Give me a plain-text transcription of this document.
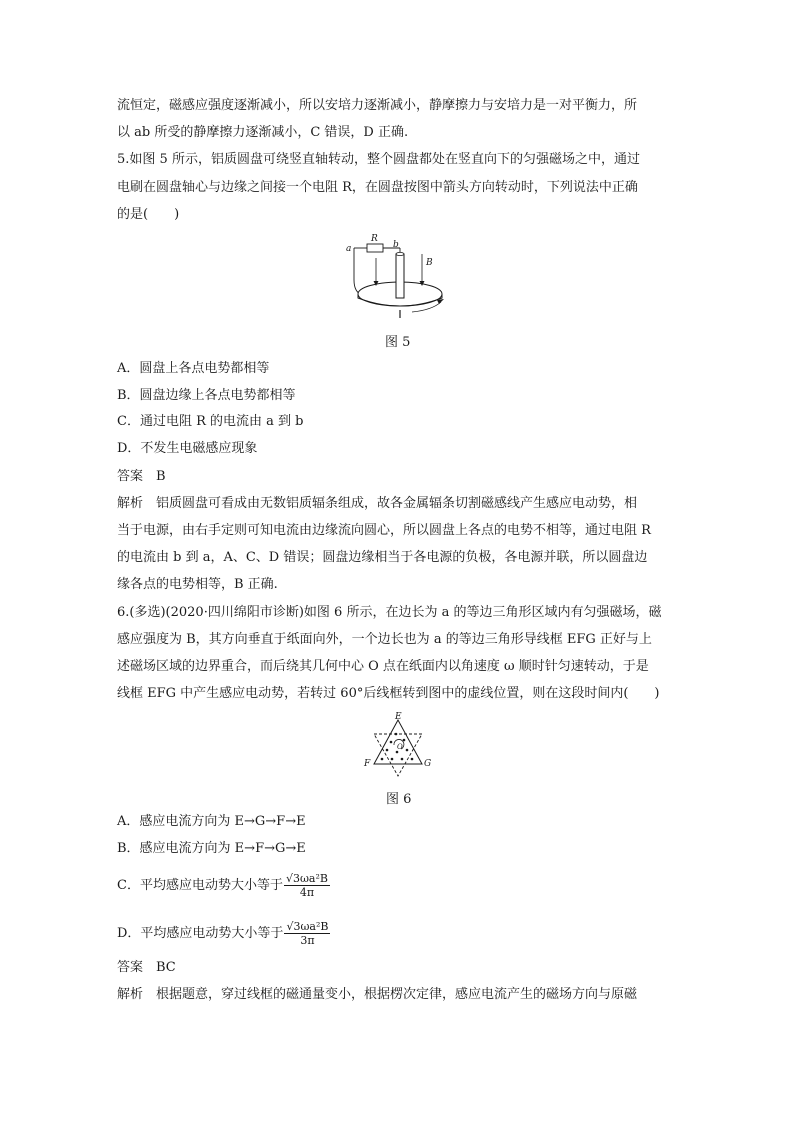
流恒定，磁感应强度逐渐减小，所以安培力逐渐减小，静摩擦力与安培力是一对平衡力，所
以 ab 所受的静摩擦力逐渐减小，C 错误，D 正确.
5.如图 5 所示，铝质圆盘可绕竖直轴转动，整个圆盘都处在竖直向下的匀强磁场之中，通过
电刷在圆盘轴心与边缘之间接一个电阻 R，在圆盘按图中箭头方向转动时，下列说法中正确
的是(　　)
a
R
b
B
图 5
A．圆盘上各点电势都相等
B．圆盘边缘上各点电势都相等
C．通过电阻 R 的电流由 a 到 b
D．不发生电磁感应现象
答案　B
解析　铝质圆盘可看成由无数铝质辐条组成，故各金属辐条切割磁感线产生感应电动势，相
当于电源，由右手定则可知电流由边缘流向圆心，所以圆盘上各点的电势不相等，通过电阻 R
的电流由 b 到 a，A、C、D 错误；圆盘边缘相当于各电源的负极，各电源并联，所以圆盘边
缘各点的电势相等，B 正确.
6.(多选)(2020·四川绵阳市诊断)如图 6 所示，在边长为 a 的等边三角形区域内有匀强磁场，磁
感应强度为 B，其方向垂直于纸面向外，一个边长也为 a 的等边三角形导线框 EFG 正好与上
述磁场区域的边界重合，而后绕其几何中心 O 点在纸面内以角速度 ω 顺时针匀速转动，于是
线框 EFG 中产生感应电动势，若转过 60°后线框转到图中的虚线位置，则在这段时间内(　　)
O
E
F	G
图 6
A．感应电流方向为 E→G→F→E
B．感应电流方向为 E→F→G→E
C．平均感应电动势大小等于 $\frac{\text{√3ωa²B}}{4\pi}$
D．平均感应电动势大小等于 $\frac{\text{√3ωa²B}}{3\pi}$
答案　BC
解析　根据题意，穿过线框的磁通量变小，根据楞次定律，感应电流产生的磁场方向与原磁
